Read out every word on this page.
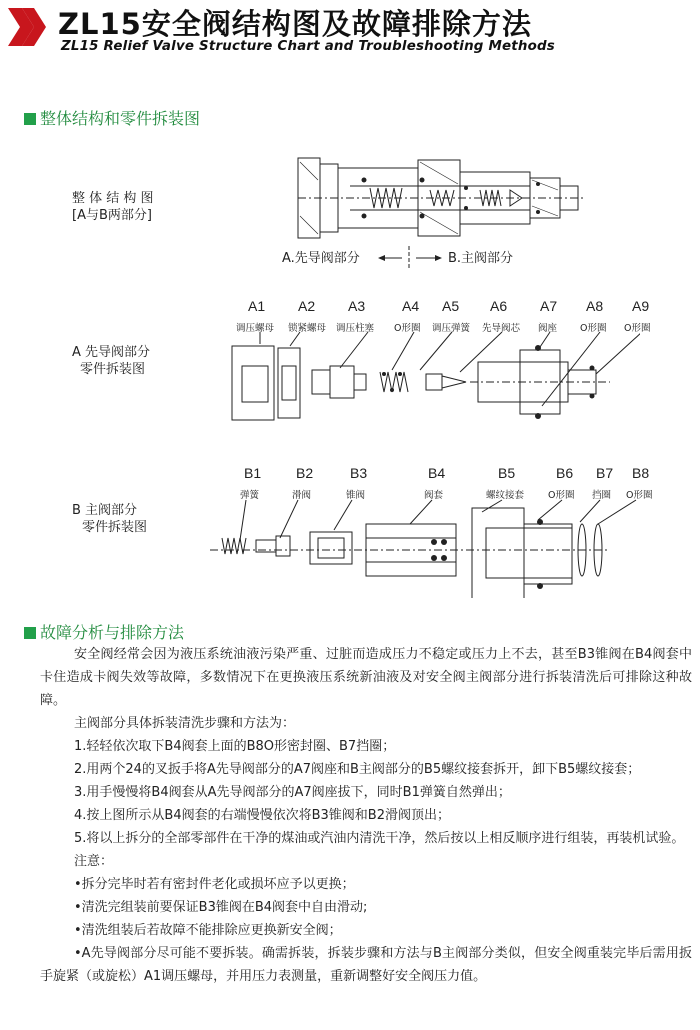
ZL15安全阀结构图及故障排除方法
ZL15 Relief Valve Structure Chart and Troubleshooting Methods
整体结构和零件拆装图
整 体 结 构 图
[A与B两部分]
A.先导阀部分	B.主阀部分
A 先导阀部分
零件拆装图
A1 A2 A3	A4 A5 A6 A7 A8 A9
调压螺母 锁紧螺母 调压柱塞 O形圈 调压弹簧 先导阀芯 阀座 O形圈 O形圈
B 主阀部分
零件拆装图
B1 B2	B3	B4	B5	B6 B7 B8
弹簧	滑阀	锥阀	阀套	螺纹接套	O形圈 挡圈 O形圈
故障分析与排除方法

安全阀经常会因为液压系统油液污染严重、过脏而造成压力不稳定或压力上不去，甚至B3锥阀在B4阀套中卡住造成卡阀失效等故障，多数情况下在更换液压系统新油液及对安全阀主阀部分进行拆装清洗后可排除这种故障。

主阀部分具体拆装清洗步骤和方法为：

1.轻轻依次取下B4阀套上面的B8O形密封圈、B7挡圈；

2.用两个24的叉扳手将A先导阀部分的A7阀座和B主阀部分的B5螺纹接套拆开，卸下B5螺纹接套；

3.用手慢慢将B4阀套从A先导阀部分的A7阀座拔下，同时B1弹簧自然弹出；

4.按上图所示从B4阀套的右端慢慢依次将B3锥阀和B2滑阀顶出；

5.将以上拆分的全部零部件在干净的煤油或汽油内清洗干净，然后按以上相反顺序进行组装，再装机试验。

注意：

•拆分完毕时若有密封件老化或损坏应予以更换；

•清洗完组装前要保证B3锥阀在B4阀套中自由滑动;

•清洗组装后若故障不能排除应更换新安全阀；

•A先导阀部分尽可能不要拆装。确需拆装，拆装步骤和方法与B主阀部分类似，但安全阀重装完毕后需用扳手旋紧（或旋松）A1调压螺母，并用压力表测量，重新调整好安全阀压力值。
